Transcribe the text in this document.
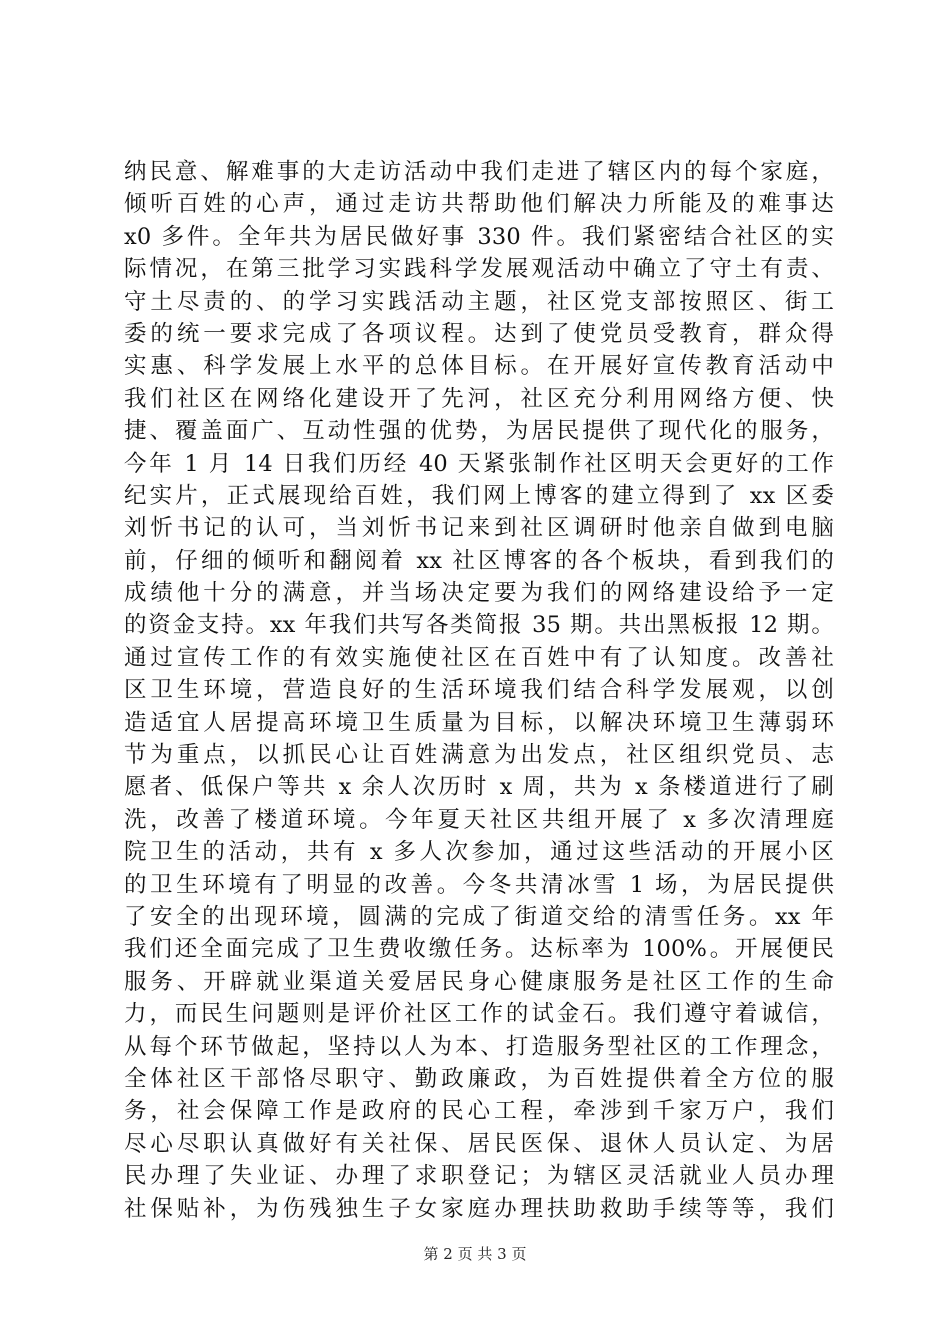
纳民意、解难事的大走访活动中我们走进了辖区内的每个家庭，
倾听百姓的心声，通过走访共帮助他们解决力所能及的难事达
x0 多件。全年共为居民做好事 330 件。我们紧密结合社区的实
际情况，在第三批学习实践科学发展观活动中确立了守土有责、
守土尽责的、的学习实践活动主题，社区党支部按照区、街工
委的统一要求完成了各项议程。达到了使党员受教育，群众得
实惠、科学发展上水平的总体目标。在开展好宣传教育活动中
我们社区在网络化建设开了先河，社区充分利用网络方便、快
捷、覆盖面广、互动性强的优势，为居民提供了现代化的服务，
今年 1 月 14 日我们历经 40 天紧张制作社区明天会更好的工作
纪实片，正式展现给百姓，我们网上博客的建立得到了 xx 区委
刘忻书记的认可，当刘忻书记来到社区调研时他亲自做到电脑
前，仔细的倾听和翻阅着 xx 社区博客的各个板块，看到我们的
成绩他十分的满意，并当场决定要为我们的网络建设给予一定
的资金支持。xx 年我们共写各类简报 35 期。共出黑板报 12 期。
通过宣传工作的有效实施使社区在百姓中有了认知度。改善社
区卫生环境，营造良好的生活环境我们结合科学发展观，以创
造适宜人居提高环境卫生质量为目标，以解决环境卫生薄弱环
节为重点，以抓民心让百姓满意为出发点，社区组织党员、志
愿者、低保户等共 x 余人次历时 x 周，共为 x 条楼道进行了刷
洗，改善了楼道环境。今年夏天社区共组开展了 x 多次清理庭
院卫生的活动，共有 x 多人次参加，通过这些活动的开展小区
的卫生环境有了明显的改善。今冬共清冰雪 1 场，为居民提供
了安全的出现环境，圆满的完成了街道交给的清雪任务。xx 年
我们还全面完成了卫生费收缴任务。达标率为 100%。开展便民
服务、开辟就业渠道关爱居民身心健康服务是社区工作的生命
力，而民生问题则是评价社区工作的试金石。我们遵守着诚信，
从每个环节做起，坚持以人为本、打造服务型社区的工作理念，
全体社区干部恪尽职守、勤政廉政，为百姓提供着全方位的服
务，社会保障工作是政府的民心工程，牵涉到千家万户，我们
尽心尽职认真做好有关社保、居民医保、退休人员认定、为居
民办理了失业证、办理了求职登记；为辖区灵活就业人员办理
社保贴补，为伤残独生子女家庭办理扶助救助手续等等，我们
第 2 页 共 3 页
